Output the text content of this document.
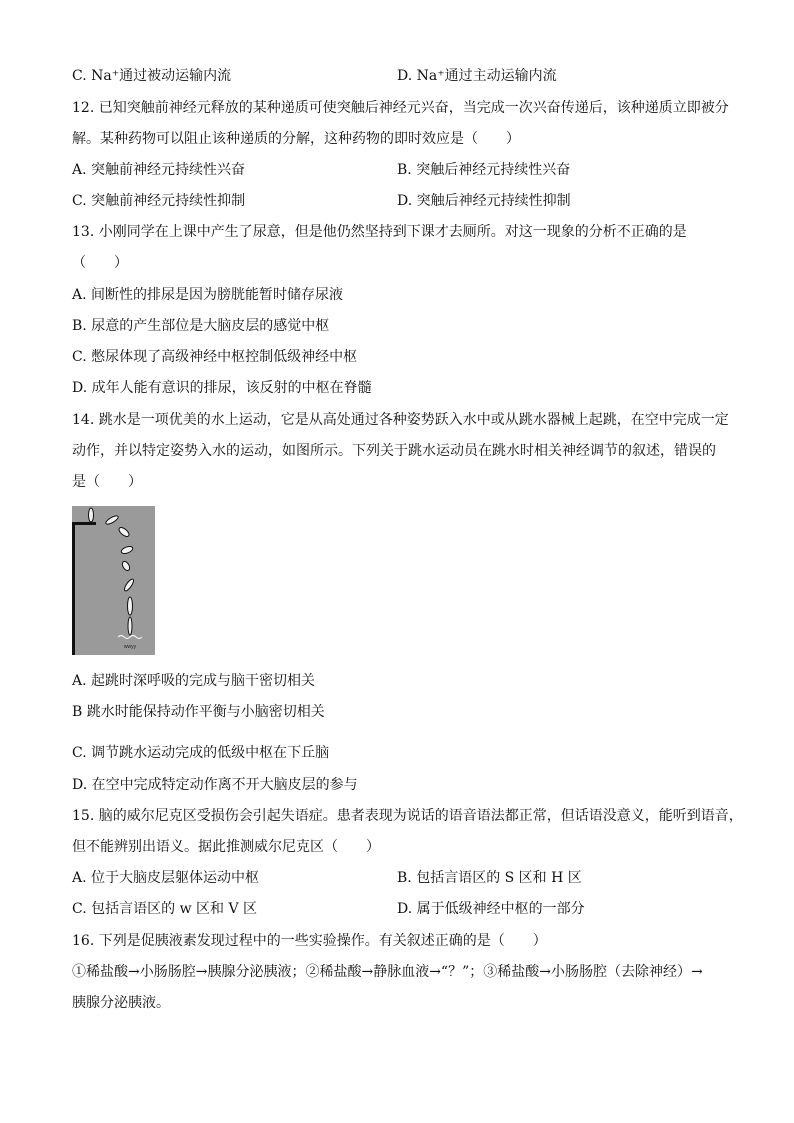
C. Na⁺通过被动运输内流	D. Na⁺通过主动运输内流
12. 已知突触前神经元释放的某种递质可使突触后神经元兴奋，当完成一次兴奋传递后，该种递质立即被分
解。某种药物可以阻止该种递质的分解，这种药物的即时效应是（　　）
A. 突触前神经元持续性兴奋	B. 突触后神经元持续性兴奋
C. 突触前神经元持续性抑制	D. 突触后神经元持续性抑制
13. 小刚同学在上课中产生了尿意，但是他仍然坚持到下课才去厕所。对这一现象的分析不正确的是
（　　）
A. 间断性的排尿是因为膀胱能暂时储存尿液
B. 尿意的产生部位是大脑皮层的感觉中枢
C. 憋尿体现了高级神经中枢控制低级神经中枢
D. 成年人能有意识的排尿，该反射的中枢在脊髓
14. 跳水是一项优美的水上运动，它是从高处通过各种姿势跃入水中或从跳水器械上起跳，在空中完成一定
动作，并以特定姿势入水的运动，如图所示。下列关于跳水运动员在跳水时相关神经调节的叙述，错误的
是（　　）
wwyy
A. 起跳时深呼吸的完成与脑干密切相关
B 跳水时能保持动作平衡与小脑密切相关
C. 调节跳水运动完成的低级中枢在下丘脑
D. 在空中完成特定动作离不开大脑皮层的参与
15. 脑的威尔尼克区受损伤会引起失语症。患者表现为说话的语音语法都正常，但话语没意义，能听到语音，
但不能辨别出语义。据此推测威尔尼克区（　　）
A. 位于大脑皮层躯体运动中枢	B. 包括言语区的 S 区和 H 区
C. 包括言语区的 w 区和 V 区	D. 属于低级神经中枢的一部分
16. 下列是促胰液素发现过程中的一些实验操作。有关叙述正确的是（　　）
①稀盐酸→小肠肠腔→胰腺分泌胰液；②稀盐酸→静脉血液→“？”；③稀盐酸→小肠肠腔（去除神经）→
胰腺分泌胰液。
